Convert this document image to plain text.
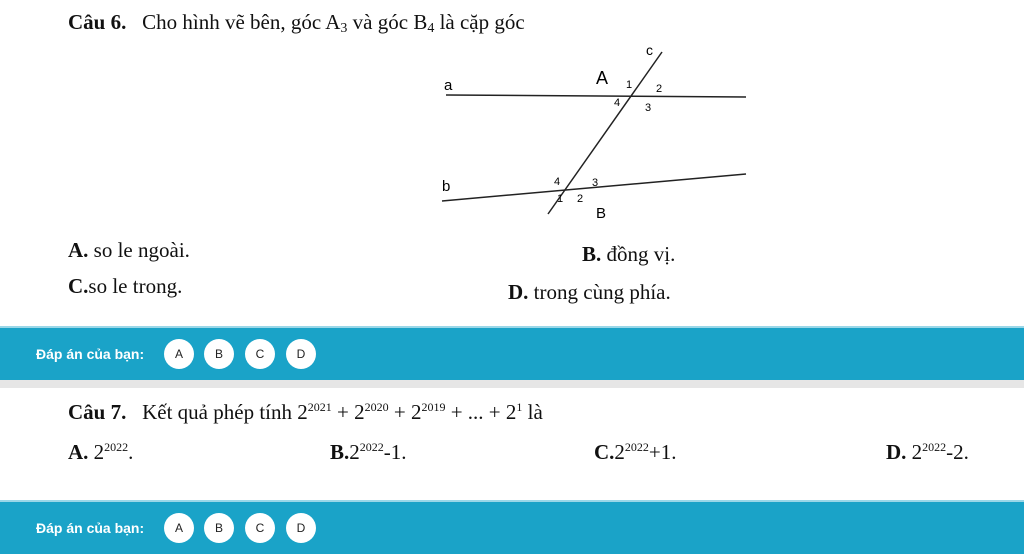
Câu 6. Cho hình vẽ bên, góc $A_3$ và góc $B_4$ là cặp góc
a
b
c
A 1 2
3
4
1 2
3
4
B
A. so le ngoài.	B. đồng vị.
C.so le trong.	D. trong cùng phía.
Đáp án của bạn:	A	B	C	D
Câu 7. Kết quả phép tính $2^{2021} + 2^{2020} + 2^{2019}$ + ... + $2^1$ là
A. $2^{2022}$.	$B.2^{2022}-1$.	$C.2^{2022}+1$.	D. $2^{2022}-2$.
Đáp án của bạn:	A	B	C	D
